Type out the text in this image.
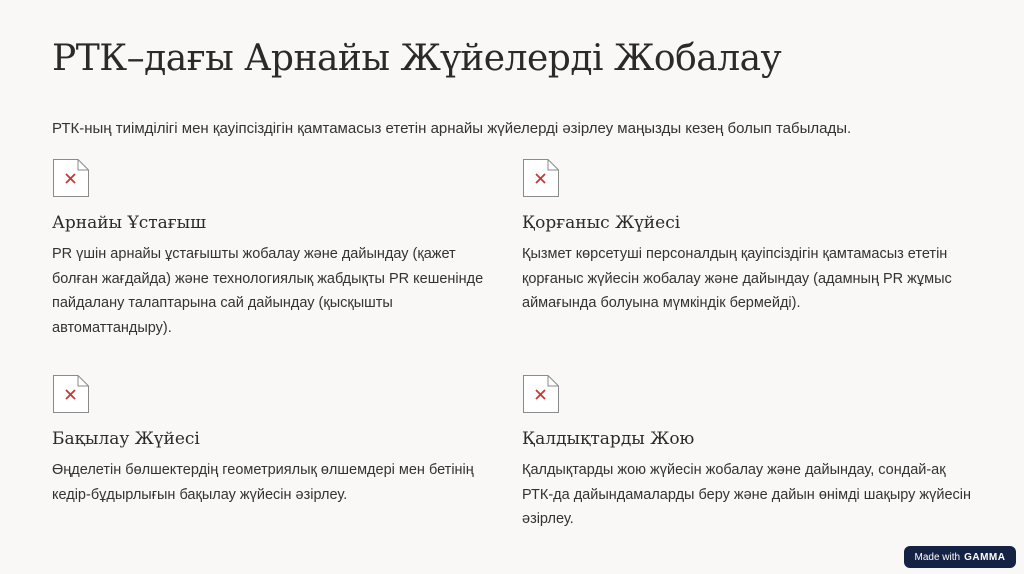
РТК–дағы Арнайы Жүйелерді Жобалау
РТК-ның тиімділігі мен қауіпсіздігін қамтамасыз ететін арнайы жүйелерді әзірлеу маңызды кезең болып табылады.
Арнайы Ұстағыш
PR үшін арнайы ұстағышты жобалау және дайындау (қажет болған жағдайда) және технологиялық жабдықты PR кешенінде пайдалану талаптарына сай дайындау (қысқышты автоматтандыру).
Қорғаныс Жүйесі
Қызмет көрсетуші персоналдың қауіпсіздігін қамтамасыз ететін қорғаныс жүйесін жобалау және дайындау (адамның PR жұмыс аймағында болуына мүмкіндік бермейді).
Бақылау Жүйесі
Өңделетін бөлшектердің геометриялық өлшемдері мен бетінің кедір-бұдырлығын бақылау жүйесін әзірлеу.
Қалдықтарды Жою
Қалдықтарды жою жүйесін жобалау және дайындау, сондай-ақ РТК-да дайындамаларды беру және дайын өнімді шақыру жүйесін әзірлеу.
Made with GAMMA
